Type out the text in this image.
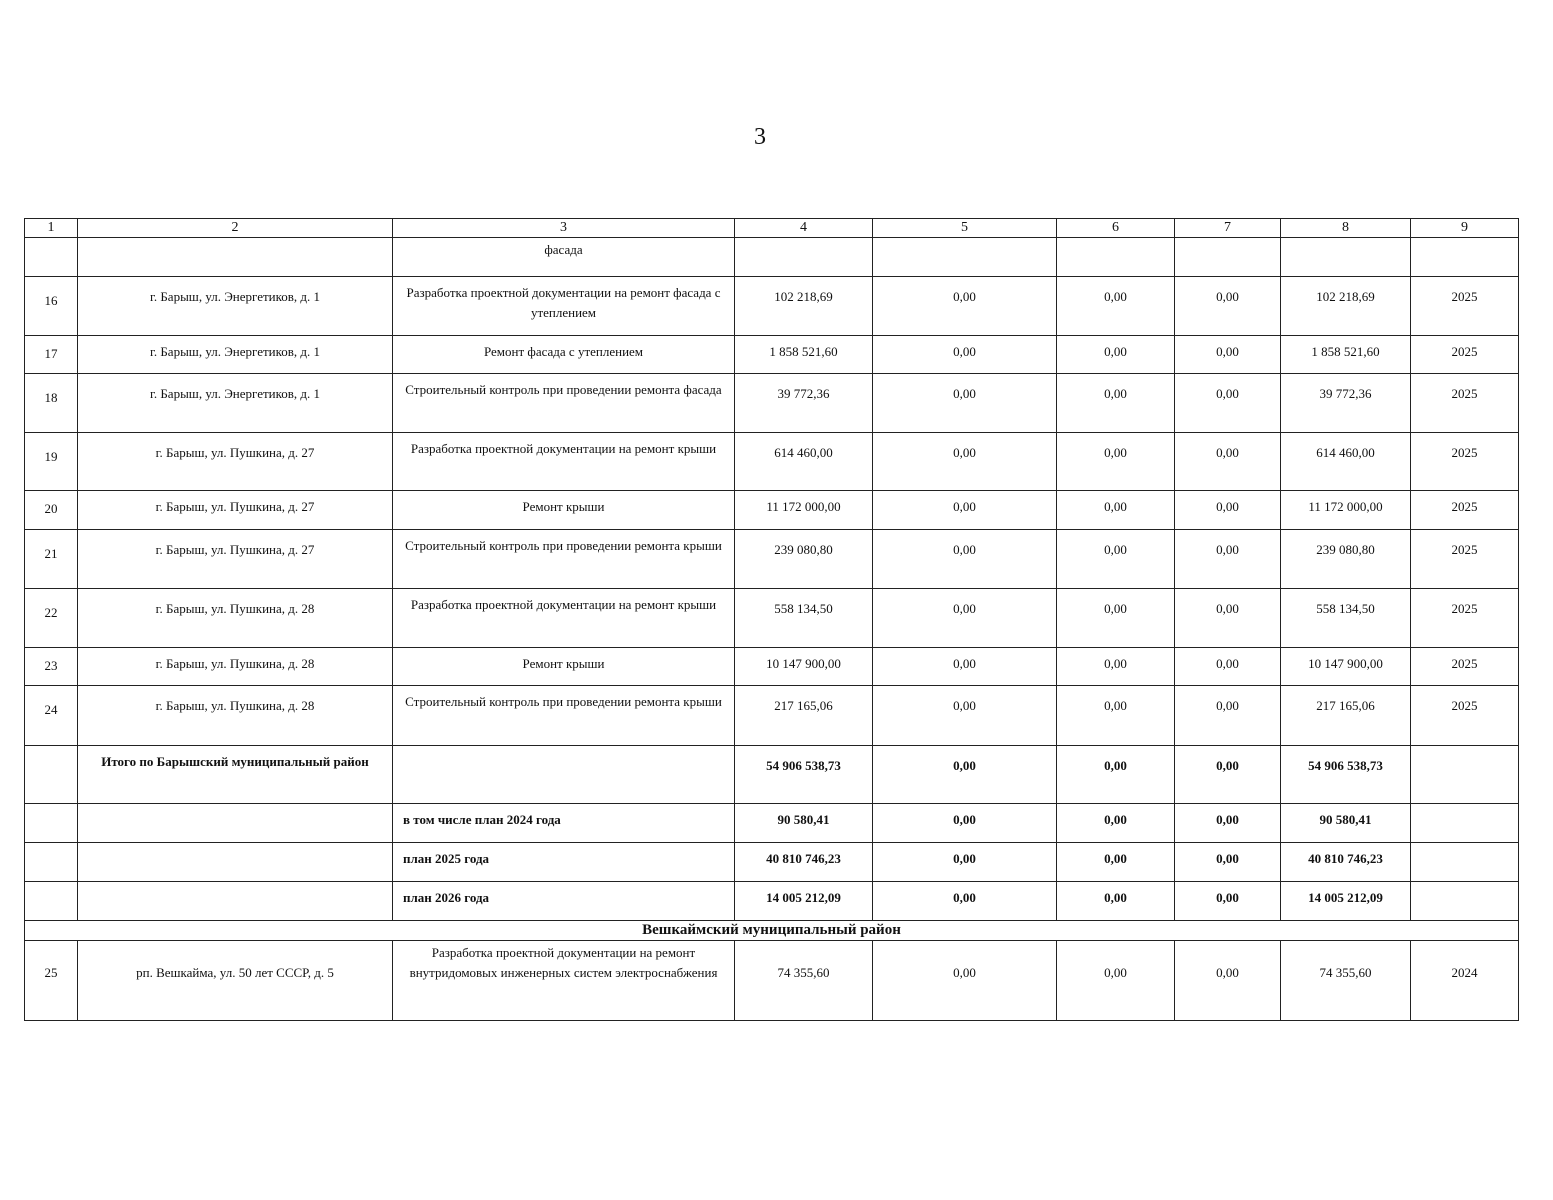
3
1	2	3	4	5	6	7	8	9
		фасада						
16	г. Барыш, ул. Энергетиков, д. 1	Разработка проектной документации на ремонт фасада с утеплением	102 218,69	0,00	0,00	0,00	102 218,69	2025
17	г. Барыш, ул. Энергетиков, д. 1	Ремонт фасада с утеплением	1 858 521,60	0,00	0,00	0,00	1 858 521,60	2025
18	г. Барыш, ул. Энергетиков, д. 1	Строительный контроль при проведении ремонта фасада	39 772,36	0,00	0,00	0,00	39 772,36	2025
19	г. Барыш, ул. Пушкина, д. 27	Разработка проектной документации на ремонт крыши	614 460,00	0,00	0,00	0,00	614 460,00	2025
20	г. Барыш, ул. Пушкина, д. 27	Ремонт крыши	11 172 000,00	0,00	0,00	0,00	11 172 000,00	2025
21	г. Барыш, ул. Пушкина, д. 27	Строительный контроль при проведении ремонта крыши	239 080,80	0,00	0,00	0,00	239 080,80	2025
22	г. Барыш, ул. Пушкина, д. 28	Разработка проектной документации на ремонт крыши	558 134,50	0,00	0,00	0,00	558 134,50	2025
23	г. Барыш, ул. Пушкина, д. 28	Ремонт крыши	10 147 900,00	0,00	0,00	0,00	10 147 900,00	2025
24	г. Барыш, ул. Пушкина, д. 28	Строительный контроль при проведении ремонта крыши	217 165,06	0,00	0,00	0,00	217 165,06	2025
	Итого по Барышский муниципальный район		54 906 538,73	0,00	0,00	0,00	54 906 538,73	
		в том числе план 2024 года	90 580,41	0,00	0,00	0,00	90 580,41	
		план 2025 года	40 810 746,23	0,00	0,00	0,00	40 810 746,23	
		план 2026 года	14 005 212,09	0,00	0,00	0,00	14 005 212,09	
Вешкаймский муниципальный район								
25	рп. Вешкайма, ул. 50 лет СССР, д. 5	Разработка проектной документации на ремонт внутридомовых инженерных систем электроснабжения	74 355,60	0,00	0,00	0,00	74 355,60	2024
